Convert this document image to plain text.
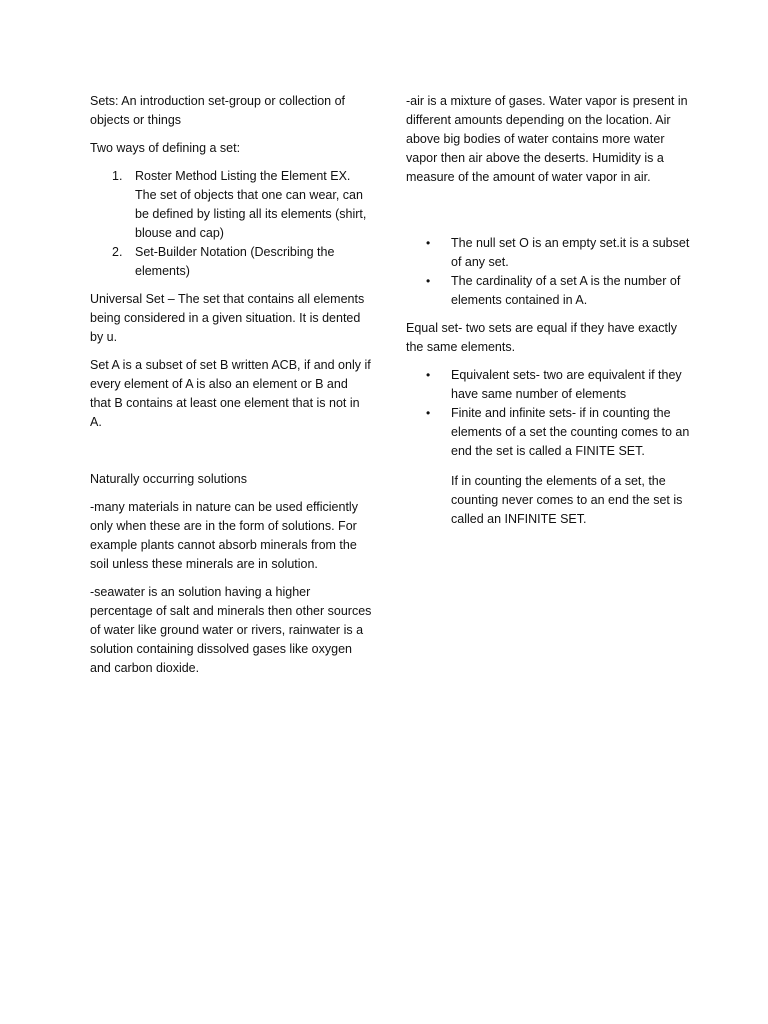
Sets: An introduction set-group or collection of objects or things

Two ways of defining a set:

1. Roster Method Listing the Element EX. The set of objects that one can wear, can be defined by listing all its elements (shirt, blouse and cap)
2. Set-Builder Notation (Describing the elements)

Universal Set – The set that contains all elements being considered in a given situation. It is dented by u.

Set A is a subset of set B written ACB, if and only if every element of A is also an element or B and that B contains at least one element that is not in A.

Naturally occurring solutions

-many materials in nature can be used efficiently only when these are in the form of solutions. For example plants cannot absorb minerals from the soil unless these minerals are in solution.

-seawater is an solution having a higher percentage of salt and minerals then other sources of water like ground water or rivers, rainwater is a solution containing dissolved gases like oxygen and carbon dioxide.

-air is a mixture of gases. Water vapor is present in different amounts depending on the location. Air above big bodies of water contains more water vapor then air above the deserts. Humidity is a measure of the amount of water vapor in air.

• The null set O is an empty set.it is a subset of any set.
• The cardinality of a set A is the number of elements contained in A.

Equal set- two sets are equal if they have exactly the same elements.

• Equivalent sets- two are equivalent if they have same number of elements
• Finite and infinite sets- if in counting the elements of a set the counting comes to an end the set is called a FINITE SET.

If in counting the elements of a set, the counting never comes to an end the set is called an INFINITE SET.
